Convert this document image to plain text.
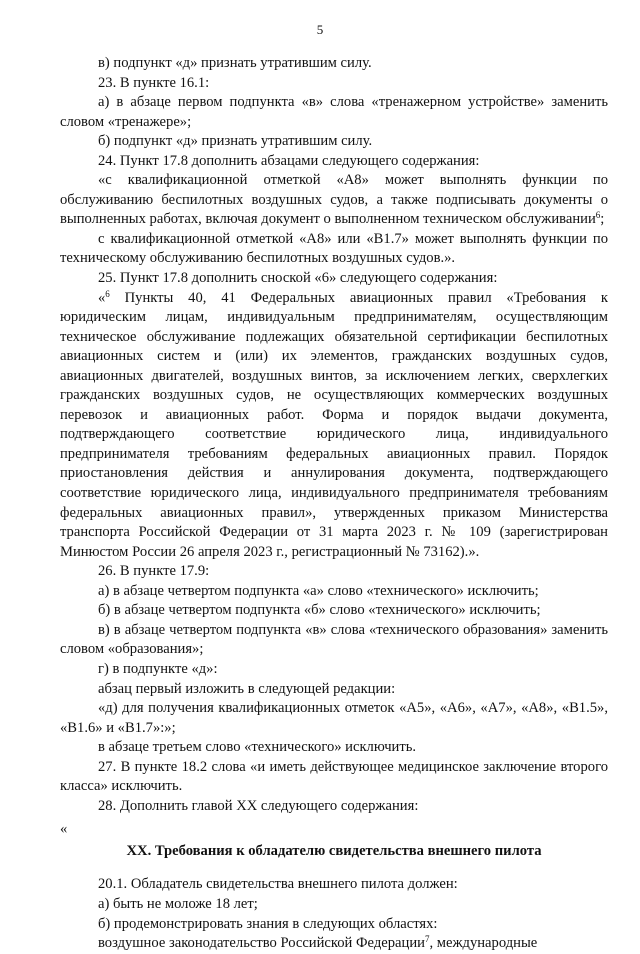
5

в) подпункт «д» признать утратившим силу.

23. В пункте 16.1:

а) в абзаце первом подпункта «в» слова «тренажерном устройстве» заменить словом «тренажере»;

б) подпункт «д» признать утратившим силу.

24. Пункт 17.8 дополнить абзацами следующего содержания:

«с квалификационной отметкой «А8» может выполнять функции по обслуживанию беспилотных воздушных судов, а также подписывать документы о выполненных работах, включая документ о выполненном техническом обслуживании$^6$;

с квалификационной отметкой «А8» или «В1.7» может выполнять функции по техническому обслуживанию беспилотных воздушных судов.».

25. Пункт 17.8 дополнить сноской «6» следующего содержания:

«$^6$ Пункты 40, 41 Федеральных авиационных правил «Требования к юридическим лицам, индивидуальным предпринимателям, осуществляющим техническое обслуживание подлежащих обязательной сертификации беспилотных авиационных систем и (или) их элементов, гражданских воздушных судов, авиационных двигателей, воздушных винтов, за исключением легких, сверхлегких гражданских воздушных судов, не осуществляющих коммерческих воздушных перевозок и авиационных работ. Форма и порядок выдачи документа, подтверждающего соответствие юридического лица, индивидуального предпринимателя требованиям федеральных авиационных правил. Порядок приостановления действия и аннулирования документа, подтверждающего соответствие юридического лица, индивидуального предпринимателя требованиям федеральных авиационных правил», утвержденных приказом Министерства транспорта Российской Федерации от 31 марта 2023 г. № 109 (зарегистрирован Минюстом России 26 апреля 2023 г., регистрационный № 73162).».

26. В пункте 17.9:

а) в абзаце четвертом подпункта «а» слово «технического» исключить;

б) в абзаце четвертом подпункта «б» слово «технического» исключить;

в) в абзаце четвертом подпункта «в» слова «технического образования» заменить словом «образования»;

г) в подпункте «д»:

абзац первый изложить в следующей редакции:

«д) для получения квалификационных отметок «А5», «А6», «А7», «А8», «В1.5», «В1.6» и «В1.7»:»;

в абзаце третьем слово «технического» исключить.

27. В пункте 18.2 слова «и иметь действующее медицинское заключение второго класса» исключить.

28. Дополнить главой XX следующего содержания:

«

XX. Требования к обладателю свидетельства внешнего пилота

20.1. Обладатель свидетельства внешнего пилота должен:

а) быть не моложе 18 лет;

б) продемонстрировать знания в следующих областях:

воздушное законодательство Российской Федерации$^7$, международные
